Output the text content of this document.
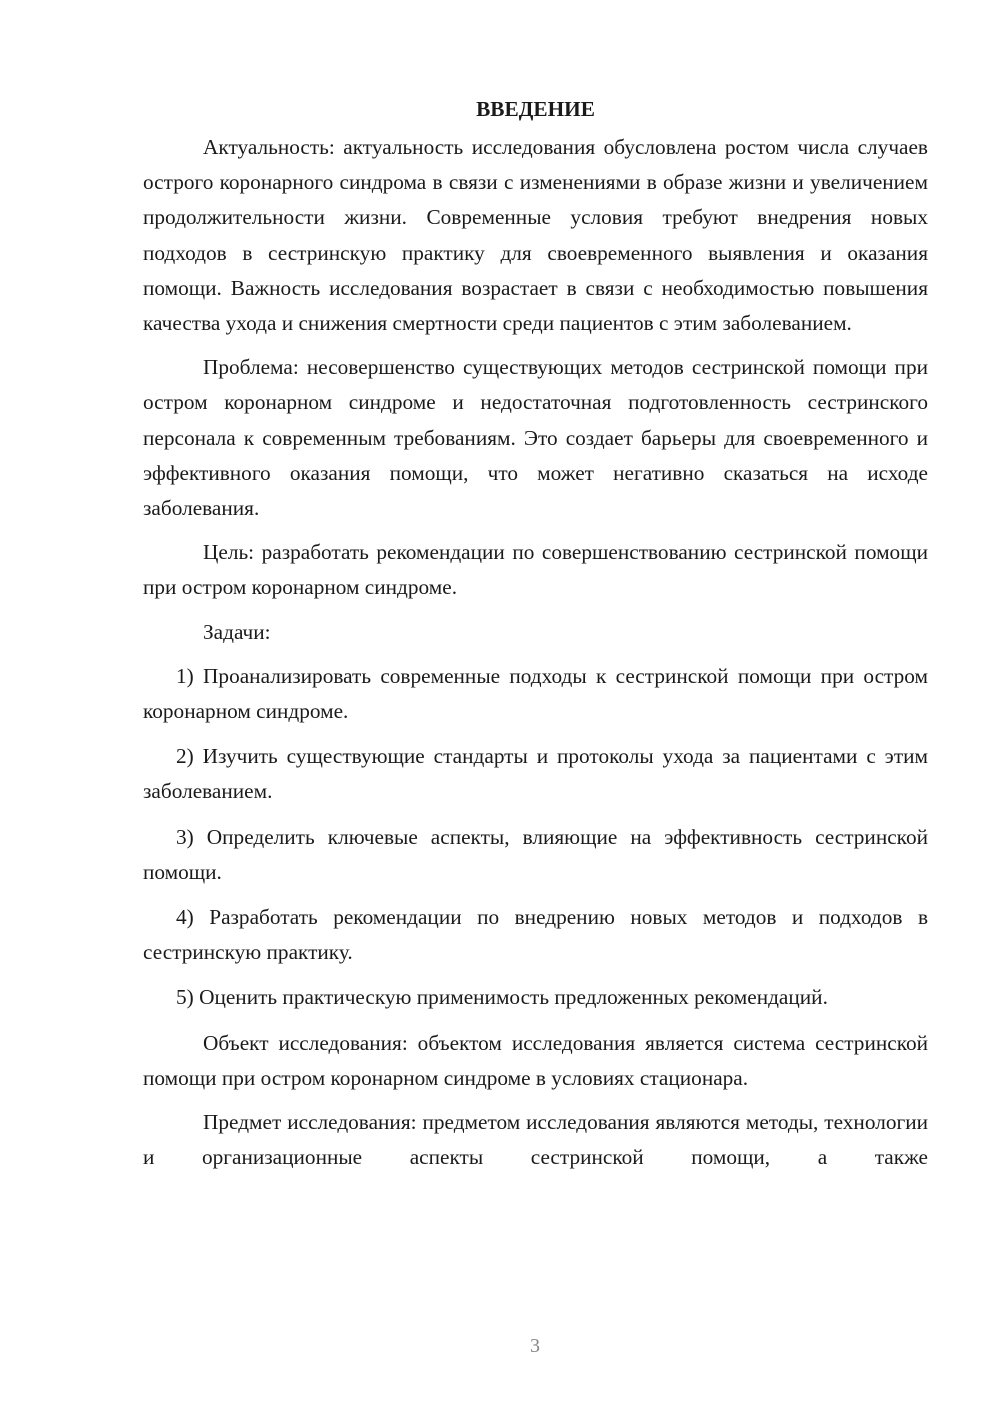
ВВЕДЕНИЕ

Актуальность: актуальность исследования обусловлена ростом числа случаев острого коронарного синдрома в связи с изменениями в образе жизни и увеличением продолжительности жизни. Современные условия требуют внедрения новых подходов в сестринскую практику для своевременного выявления и оказания помощи. Важность исследования возрастает в связи с необходимостью повышения качества ухода и снижения смертности среди пациентов с этим заболеванием.

Проблема: несовершенство существующих методов сестринской помощи при остром коронарном синдроме и недостаточная подготовленность сестринского персонала к современным требованиям. Это создает барьеры для своевременного и эффективного оказания помощи, что может негативно сказаться на исходе заболевания.

Цель: разработать рекомендации по совершенствованию сестринской помощи при остром коронарном синдроме.

Задачи:

1) Проанализировать современные подходы к сестринской помощи при остром коронарном синдроме.

2) Изучить существующие стандарты и протоколы ухода за пациентами с этим заболеванием.

3) Определить ключевые аспекты, влияющие на эффективность сестринской помощи.

4) Разработать рекомендации по внедрению новых методов и подходов в сестринскую практику.

5) Оценить практическую применимость предложенных рекомендаций.

Объект исследования: объектом исследования является система сестринской помощи при остром коронарном синдроме в условиях стационара.

Предмет исследования: предметом исследования являются методы, технологии и организационные аспекты сестринской помощи, а также

3
